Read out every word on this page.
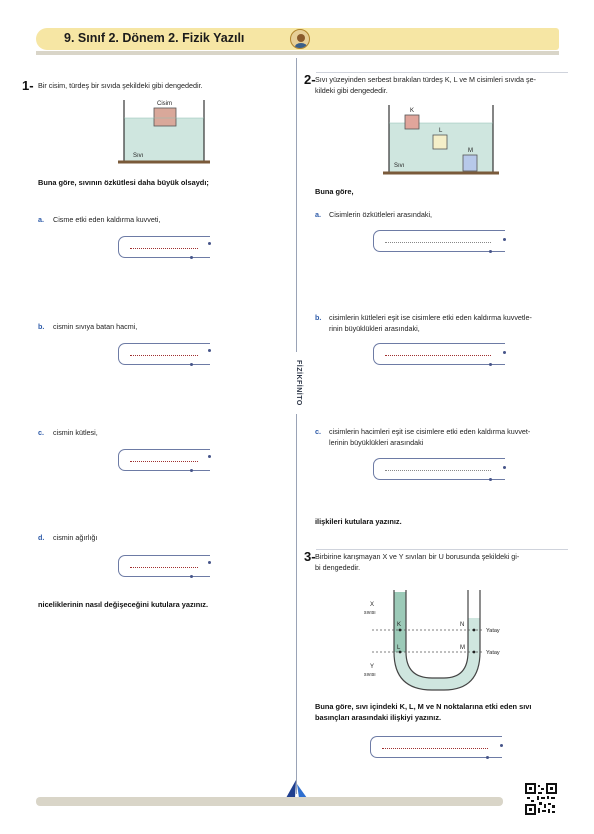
9. Sınıf 2. Dönem 2. Fizik Yazılı
FİZİKFİNİTO
1- Bir cisim, türdeş bir sıvıda şekildeki gibi dengededir.
Cisim
Sıvı
Buna göre, sıvının özkütlesi daha büyük olsaydı;
a. Cisme etki eden kaldırma kuvveti,
b. cismin sıvıya batan hacmi,
c. cismin kütlesi,
d. cismin ağırlığı
niceliklerinin nasıl değişeceğini kutulara yazınız.
2- Sıvı yüzeyinden serbest bırakılan türdeş K, L ve M cisimleri sıvıda şe-
kildeki gibi dengededir.
K
L
M
Sıvı
Buna göre,
a. Cisimlerin özkütleleri arasındaki,
b. cisimlerin kütleleri eşit ise cisimlere etki eden kaldırma kuvvetle-
rinin büyüklükleri arasındaki,
c. cisimlerin hacimleri eşit ise cisimlere etki eden kaldırma kuvvet-
lerinin büyüklükleri arasındaki
ilişkileri kutulara yazınız.
3- Birbirine karışmayan X ve Y sıvıları bir U borusunda şekildeki gi-
bi dengededir.
X
sıvısı
Y
sıvısı
K
L
N
M
Yatay
Yatay
Buna göre, sıvı içindeki K, L, M ve N noktalarına etki eden sıvı
basınçları arasındaki ilişkiyi yazınız.
